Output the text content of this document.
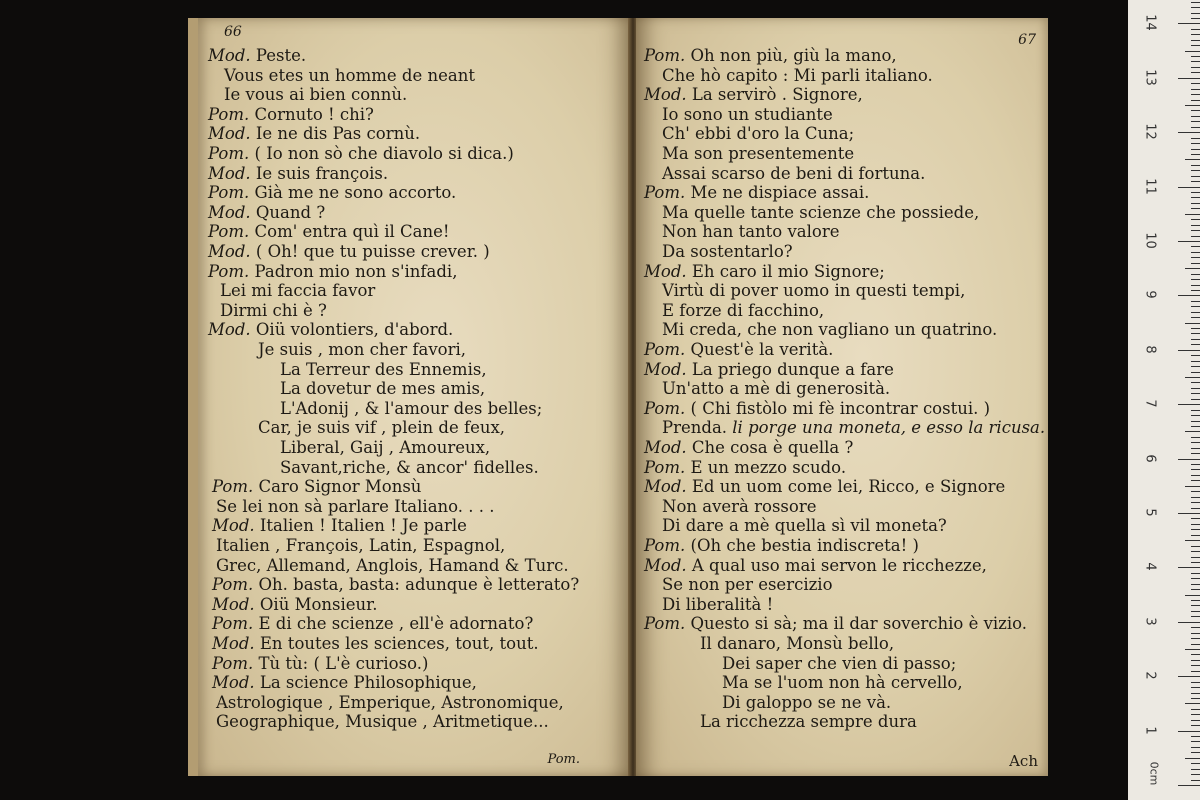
66
Mod. Peste.
Vous etes un homme de neant
Ie vous ai bien connù.
Pom. Cornuto ! chi?
Mod. Ie ne dis Pas cornù.
Pom. ( Io non sò che diavolo si dica.)
Mod. Ie suis françois.
Pom. Già me ne sono accorto.
Mod. Quand ?
Pom. Com' entra quì il Cane!
Mod. ( Oh! que tu puisse crever. )
Pom. Padron mio non s'infadi,
Lei mi faccia favor
Dirmi chi è ?
Mod. Oiü volontiers, d'abord.
Je suis , mon cher favori,
La Terreur des Ennemis,
La dovetur de mes amis,
L'Adonij , & l'amour des belles;
Car, je suis vif , plein de feux,
Liberal, Gaij , Amoureux,
Savant,riche, & ancor' fidelles.
Pom. Caro Signor Monsù
Se lei non sà parlare Italiano. . . .
Mod. Italien ! Italien ! Je parle
Italien , François, Latin, Espagnol,
Grec, Allemand, Anglois, Hamand & Turc.
Pom. Oh. basta, basta: adunque è letterato?
Mod. Oiü Monsieur.
Pom. E di che scienze , ell'è adornato?
Mod. En toutes les sciences, tout, tout.
Pom. Tù tù: ( L'è curioso.)
Mod. La science Philosophique,
Astrologique , Emperique, Astronomique,
Geographique, Musique , Aritmetique...
Pom.
67
Pom. Oh non più, giù la mano,
Che hò capito : Mi parli italiano.
Mod. La servirò . Signore,
Io sono un studiante
Ch' ebbi d'oro la Cuna;
Ma son presentemente
Assai scarso de beni di fortuna.
Pom. Me ne dispiace assai.
Ma quelle tante scienze che possiede,
Non han tanto valore
Da sostentarlo?
Mod. Eh caro il mio Signore;
Virtù di pover uomo in questi tempi,
E forze di facchino,
Mi creda, che non vagliano un quatrino.
Pom. Quest'è la verità.
Mod. La priego dunque a fare
Un'atto a mè di generosità.
Pom. ( Chi fistòlo mi fè incontrar costui. )
Prenda. li porge una moneta, e esso la ricusa.
Mod. Che cosa è quella ?
Pom. E un mezzo scudo.
Mod. Ed un uom come lei, Ricco, e Signore
Non averà rossore
Di dare a mè quella sì vil moneta?
Pom. (Oh che bestia indiscreta! )
Mod. A qual uso mai servon le ricchezze,
Se non per esercizio
Di liberalità !
Pom. Questo si sà; ma il dar soverchio è vizio.
Il danaro, Monsù bello,
Dei saper che vien di passo;
Ma se l'uom non hà cervello,
Di galoppo se ne và.
La ricchezza sempre dura
Ach
0cm
1
2
3
4
5
6
7
8
9
10
11
12
13
14
